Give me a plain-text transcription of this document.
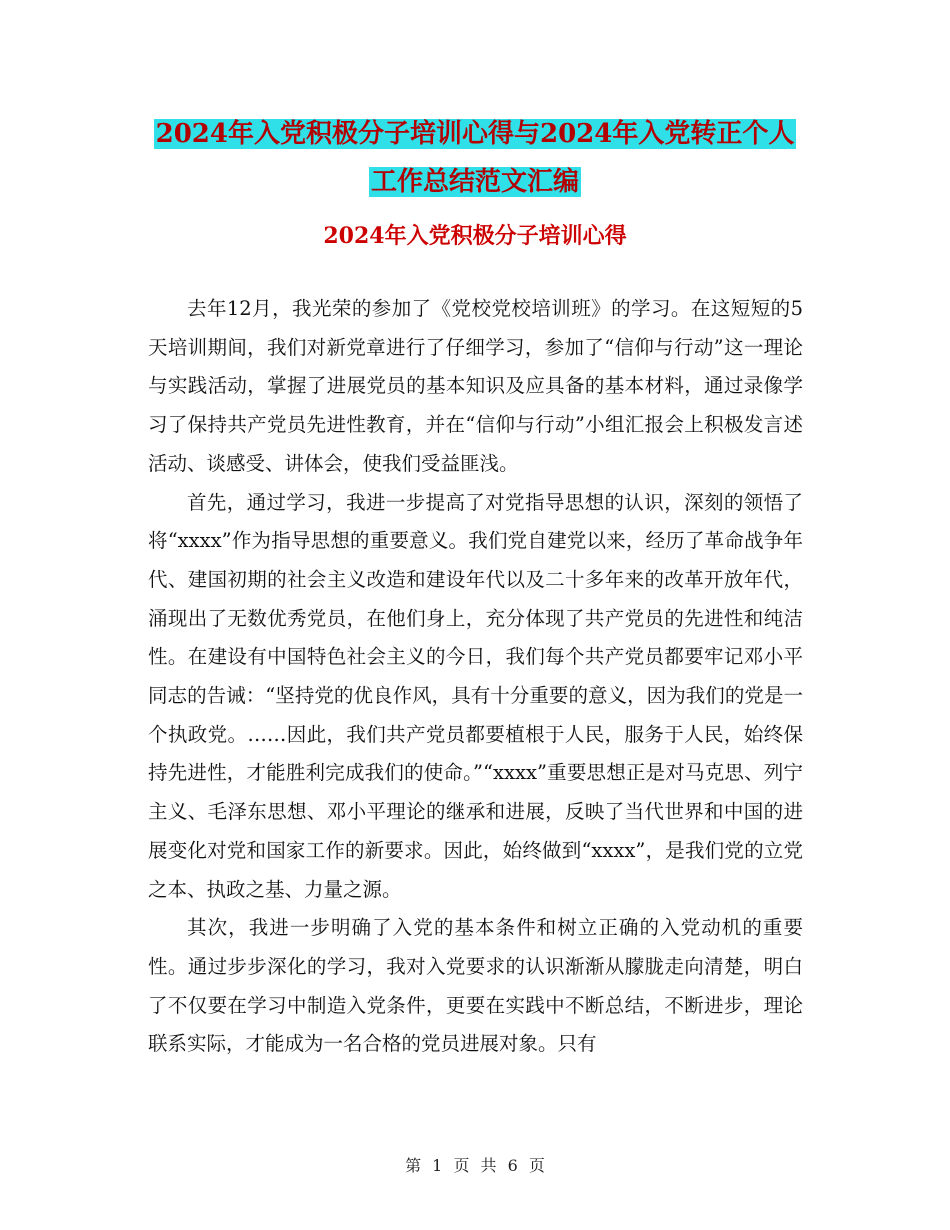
2024年入党积极分子培训心得与2024年入党转正个人
工作总结范文汇编
2024年入党积极分子培训心得

去年12月，我光荣的参加了《党校党校培训班》的学习。在这短短的5天培训期间，我们对新党章进行了仔细学习，参加了“信仰与行动”这一理论与实践活动，掌握了进展党员的基本知识及应具备的基本材料，通过录像学习了保持共产党员先进性教育，并在“信仰与行动”小组汇报会上积极发言述活动、谈感受、讲体会，使我们受益匪浅。

首先，通过学习，我进一步提高了对党指导思想的认识，深刻的领悟了将“xxxx”作为指导思想的重要意义。我们党自建党以来，经历了革命战争年代、建国初期的社会主义改造和建设年代以及二十多年来的改革开放年代，涌现出了无数优秀党员，在他们身上，充分体现了共产党员的先进性和纯洁性。在建设有中国特色社会主义的今日，我们每个共产党员都要牢记邓小平同志的告诫：“坚持党的优良作风，具有十分重要的意义，因为我们的党是一个执政党。……因此，我们共产党员都要植根于人民，服务于人民，始终保持先进性，才能胜利完成我们的使命。”“xxxx”重要思想正是对马克思、列宁主义、毛泽东思想、邓小平理论的继承和进展，反映了当代世界和中国的进展变化对党和国家工作的新要求。因此，始终做到“xxxx”，是我们党的立党之本、执政之基、力量之源。

其次，我进一步明确了入党的基本条件和树立正确的入党动机的重要性。通过步步深化的学习，我对入党要求的认识渐渐从朦胧走向清楚，明白了不仅要在学习中制造入党条件，更要在实践中不断总结，不断进步，理论联系实际，才能成为一名合格的党员进展对象。只有

第 1 页 共 6 页
